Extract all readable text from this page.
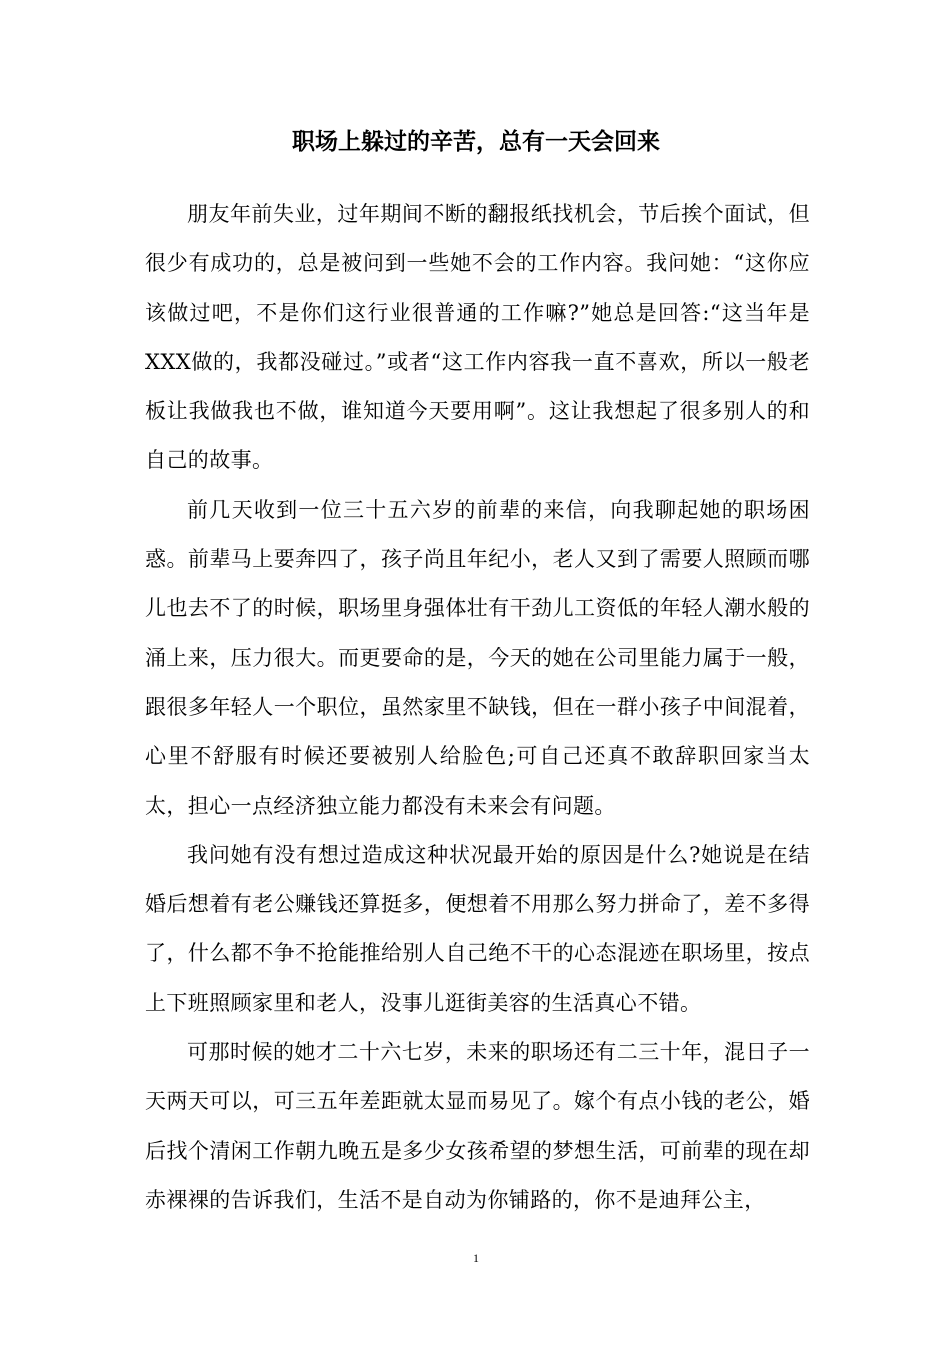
职场上躲过的辛苦，总有一天会回来

朋友年前失业，过年期间不断的翻报纸找机会，节后挨个面试，但很少有成功的，总是被问到一些她不会的工作内容。我问她：“这你应该做过吧，不是你们这行业很普通的工作嘛?”她总是回答:“这当年是XXX做的，我都没碰过。”或者“这工作内容我一直不喜欢，所以一般老板让我做我也不做，谁知道今天要用啊”。这让我想起了很多别人的和自己的故事。

前几天收到一位三十五六岁的前辈的来信，向我聊起她的职场困惑。前辈马上要奔四了，孩子尚且年纪小，老人又到了需要人照顾而哪儿也去不了的时候，职场里身强体壮有干劲儿工资低的年轻人潮水般的涌上来，压力很大。而更要命的是，今天的她在公司里能力属于一般，跟很多年轻人一个职位，虽然家里不缺钱，但在一群小孩子中间混着，心里不舒服有时候还要被别人给脸色;可自己还真不敢辞职回家当太太，担心一点经济独立能力都没有未来会有问题。

我问她有没有想过造成这种状况最开始的原因是什么?她说是在结婚后想着有老公赚钱还算挺多，便想着不用那么努力拼命了，差不多得了，什么都不争不抢能推给别人自己绝不干的心态混迹在职场里，按点上下班照顾家里和老人，没事儿逛街美容的生活真心不错。

可那时候的她才二十六七岁，未来的职场还有二三十年，混日子一天两天可以，可三五年差距就太显而易见了。嫁个有点小钱的老公，婚后找个清闲工作朝九晚五是多少女孩希望的梦想生活，可前辈的现在却赤裸裸的告诉我们，生活不是自动为你铺路的，你不是迪拜公主，

1
